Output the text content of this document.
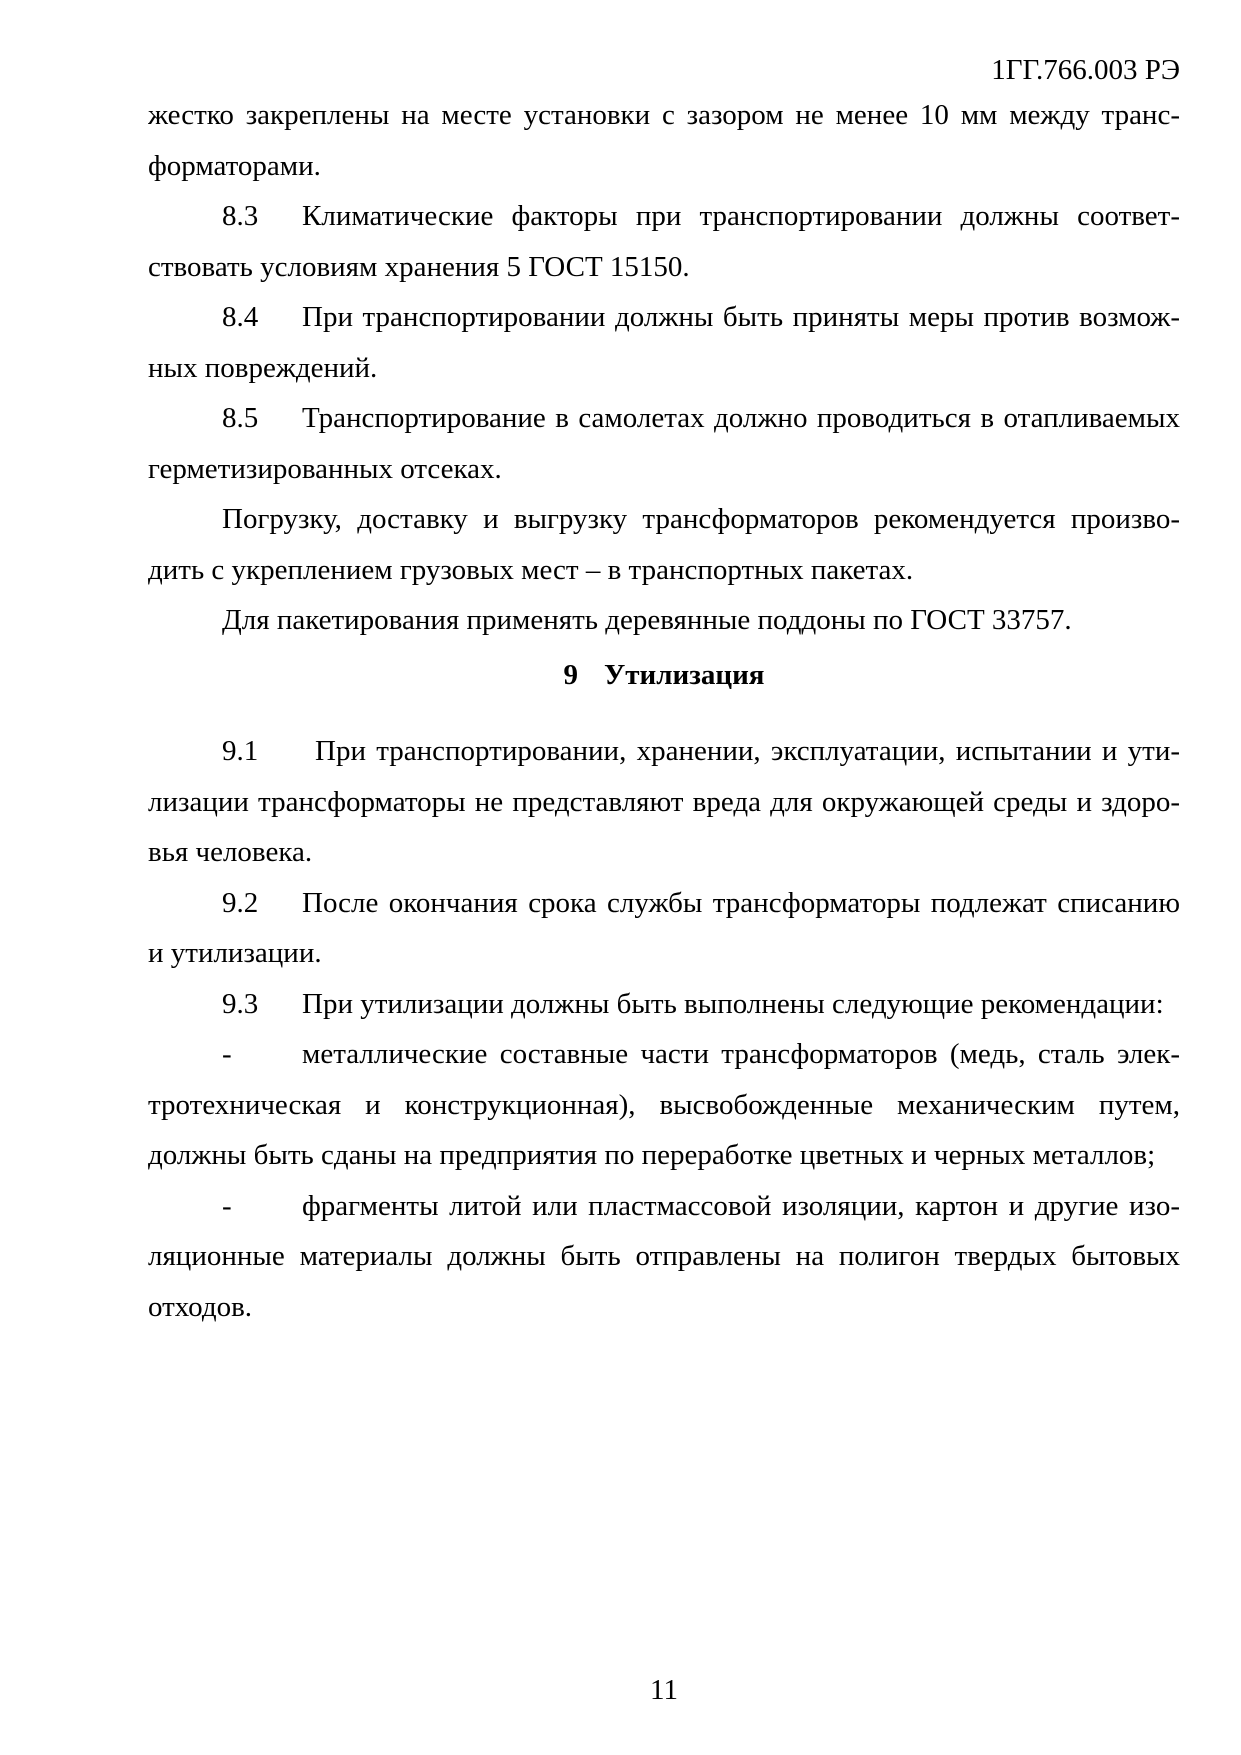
1ГГ.766.003 РЭ
жестко закреплены на месте установки с зазором не менее 10 мм между транс-
форматорами.
8.3 Климатические факторы при транспортировании должны соответ-
ствовать условиям хранения 5 ГОСТ 15150.
8.4 При транспортировании должны быть приняты меры против возмож-
ных повреждений.
8.5 Транспортирование в самолетах должно проводиться в отапливаемых
герметизированных отсеках.
Погрузку, доставку и выгрузку трансформаторов рекомендуется произво-
дить с укреплением грузовых мест – в транспортных пакетах.
Для пакетирования применять деревянные поддоны по ГОСТ 33757.
9 Утилизация
9.1 При транспортировании, хранении, эксплуатации, испытании и ути-
лизации трансформаторы не представляют вреда для окружающей среды и здоро-
вья человека.
9.2 После окончания срока службы трансформаторы подлежат списанию
и утилизации.
9.3 При утилизации должны быть выполнены следующие рекомендации:
- металлические составные части трансформаторов (медь, сталь элек-
тротехническая и конструкционная), высвобожденные механическим путем,
должны быть сданы на предприятия по переработке цветных и черных металлов;
- фрагменты литой или пластмассовой изоляции, картон и другие изо-
ляционные материалы должны быть отправлены на полигон твердых бытовых
отходов.
11
